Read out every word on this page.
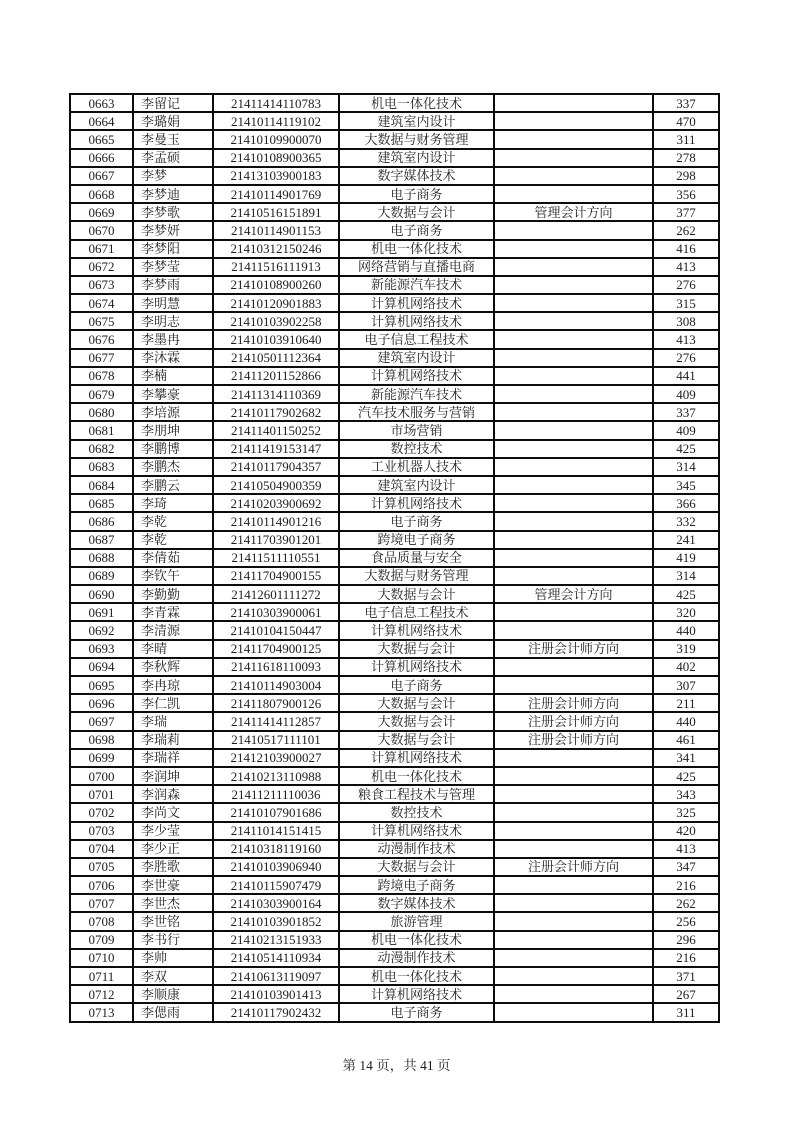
0663	李留记	21411414110783	机电一体化技术		337
0664	李璐娟	21410114119102	建筑室内设计		470
0665	李曼玉	21410109900070	大数据与财务管理		311
0666	李孟硕	21410108900365	建筑室内设计		278
0667	李梦	21413103900183	数字媒体技术		298
0668	李梦迪	21410114901769	电子商务		356
0669	李梦歌	21410516151891	大数据与会计	管理会计方向	377
0670	李梦妍	21410114901153	电子商务		262
0671	李梦阳	21410312150246	机电一体化技术		416
0672	李梦莹	21411516111913	网络营销与直播电商		413
0673	李梦雨	21410108900260	新能源汽车技术		276
0674	李明慧	21410120901883	计算机网络技术		315
0675	李明志	21410103902258	计算机网络技术		308
0676	李墨冉	21410103910640	电子信息工程技术		413
0677	李沐霖	21410501112364	建筑室内设计		276
0678	李楠	21411201152866	计算机网络技术		441
0679	李攀豪	21411314110369	新能源汽车技术		409
0680	李培源	21410117902682	汽车技术服务与营销		337
0681	李朋坤	21411401150252	市场营销		409
0682	李鹏博	21411419153147	数控技术		425
0683	李鹏杰	21410117904357	工业机器人技术		314
0684	李鹏云	21410504900359	建筑室内设计		345
0685	李琦	21410203900692	计算机网络技术		366
0686	李乾	21410114901216	电子商务		332
0687	李乾	21411703901201	跨境电子商务		241
0688	李倩茹	21411511110551	食品质量与安全		419
0689	李钦午	21411704900155	大数据与财务管理		314
0690	李勤勤	21412601111272	大数据与会计	管理会计方向	425
0691	李青霖	21410303900061	电子信息工程技术		320
0692	李清源	21410104150447	计算机网络技术		440
0693	李晴	21411704900125	大数据与会计	注册会计师方向	319
0694	李秋辉	21411618110093	计算机网络技术		402
0695	李冉琼	21410114903004	电子商务		307
0696	李仁凯	21411807900126	大数据与会计	注册会计师方向	211
0697	李瑞	21411414112857	大数据与会计	注册会计师方向	440
0698	李瑞莉	21410517111101	大数据与会计	注册会计师方向	461
0699	李瑞祥	21412103900027	计算机网络技术		341
0700	李润坤	21410213110988	机电一体化技术		425
0701	李润森	21411211110036	粮食工程技术与管理		343
0702	李尚文	21410107901686	数控技术		325
0703	李少莹	21411014151415	计算机网络技术		420
0704	李少正	21410318119160	动漫制作技术		413
0705	李胜歌	21410103906940	大数据与会计	注册会计师方向	347
0706	李世豪	21410115907479	跨境电子商务		216
0707	李世杰	21410303900164	数字媒体技术		262
0708	李世铭	21410103901852	旅游管理		256
0709	李书行	21410213151933	机电一体化技术		296
0710	李帅	21410514110934	动漫制作技术		216
0711	李双	21410613119097	机电一体化技术		371
0712	李顺康	21410103901413	计算机网络技术		267
0713	李偲雨	21410117902432	电子商务		311
第 14 页，共 41 页
